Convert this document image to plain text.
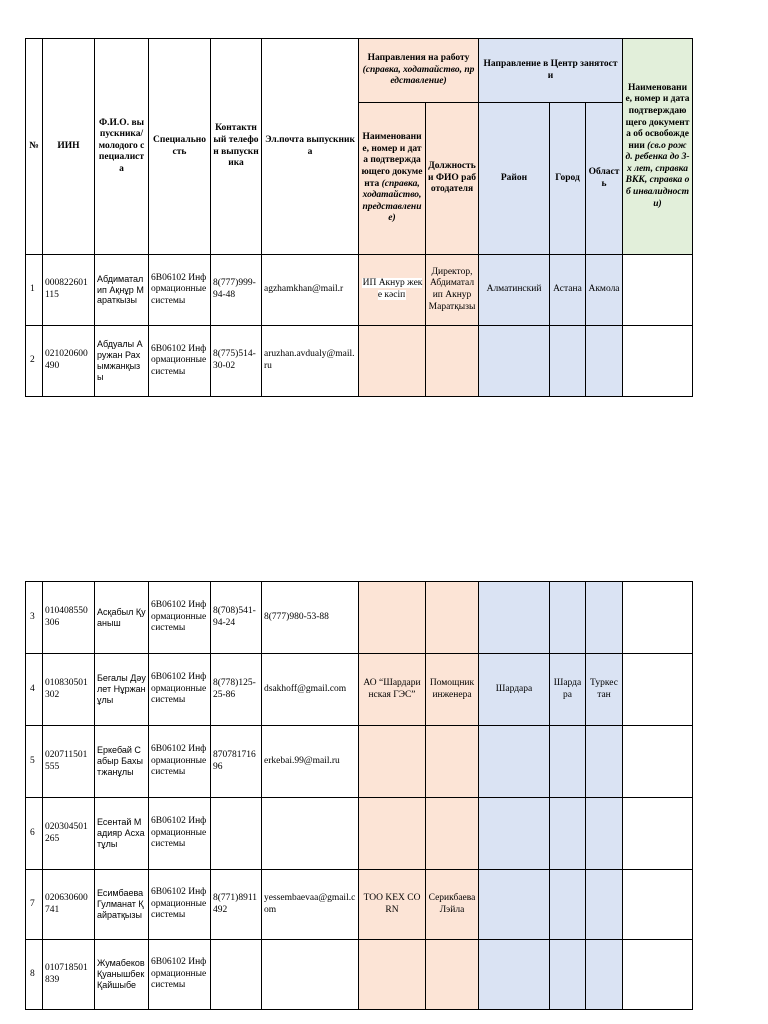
№	ИИН	Ф.И.О. выпускника/ молодого специалиста	Специальность	Контактный телефон выпускника	Эл.почта выпускника	Направления на работу
(справка, ходатайство, представление)		Направление в Центр занятости			Наименование, номер и дата подтверждающего документа об освобождении (св.о рожд. ребенка до 3-х лет, справка ВКК, справка об инвалидности)
						Наименование, номер и дата подтверждающего документа (справка, ходатайство, представление)	Должность и ФИО работодателя	Район	Город	Область	
1	000822601115	Абдиматалип Ақнұр Мараткызы	6В06102 Информационные системы	8(777)999-94-48	agzhamkhan@mail.r	ИП Акнур жеке кәсіп	Директор, Абдиматалип Акнур Маратқызы	Алматинский	Астана	Акмола	
2	021020600490	Абдуалы Аружан Рахымжанқызы	6В06102 Информационные системы	8(775)514-30-02	aruzhan.avdualy@mail.ru						
3	010408550306	Асқабыл Қуаныш	6В06102 Информационные системы	8(708)541-94-24	8(777)980-53-88						
4	010830501302	Бегалы Дәулет Нұржанұлы	6В06102 Информационные системы	8(778)125-25-86	dsakhoff@gmail.com	АО “Шардаринская ГЭС”	Помощник инженера	Шардара	Шардара	Туркестан	
5	020711501555	Еркебай Сабыр Бахытжанұлы	6В06102 Информационные системы	87078171696	erkebai.99@mail.ru						
6	020304501265	Есентай Мадияр Асхатұлы	6В06102 Информационные системы								
7	020630600741	Есимбаева Гулманат Қайратқызы	6В06102 Информационные системы	8(771)8911492	yessembaevaa@gmail.com	ТОО KEX CORN	Серикбаева Лэйла				
8	010718501839	Жумабеков Қуанышбек Қайшыбе	6В06102 Информационные системы								
